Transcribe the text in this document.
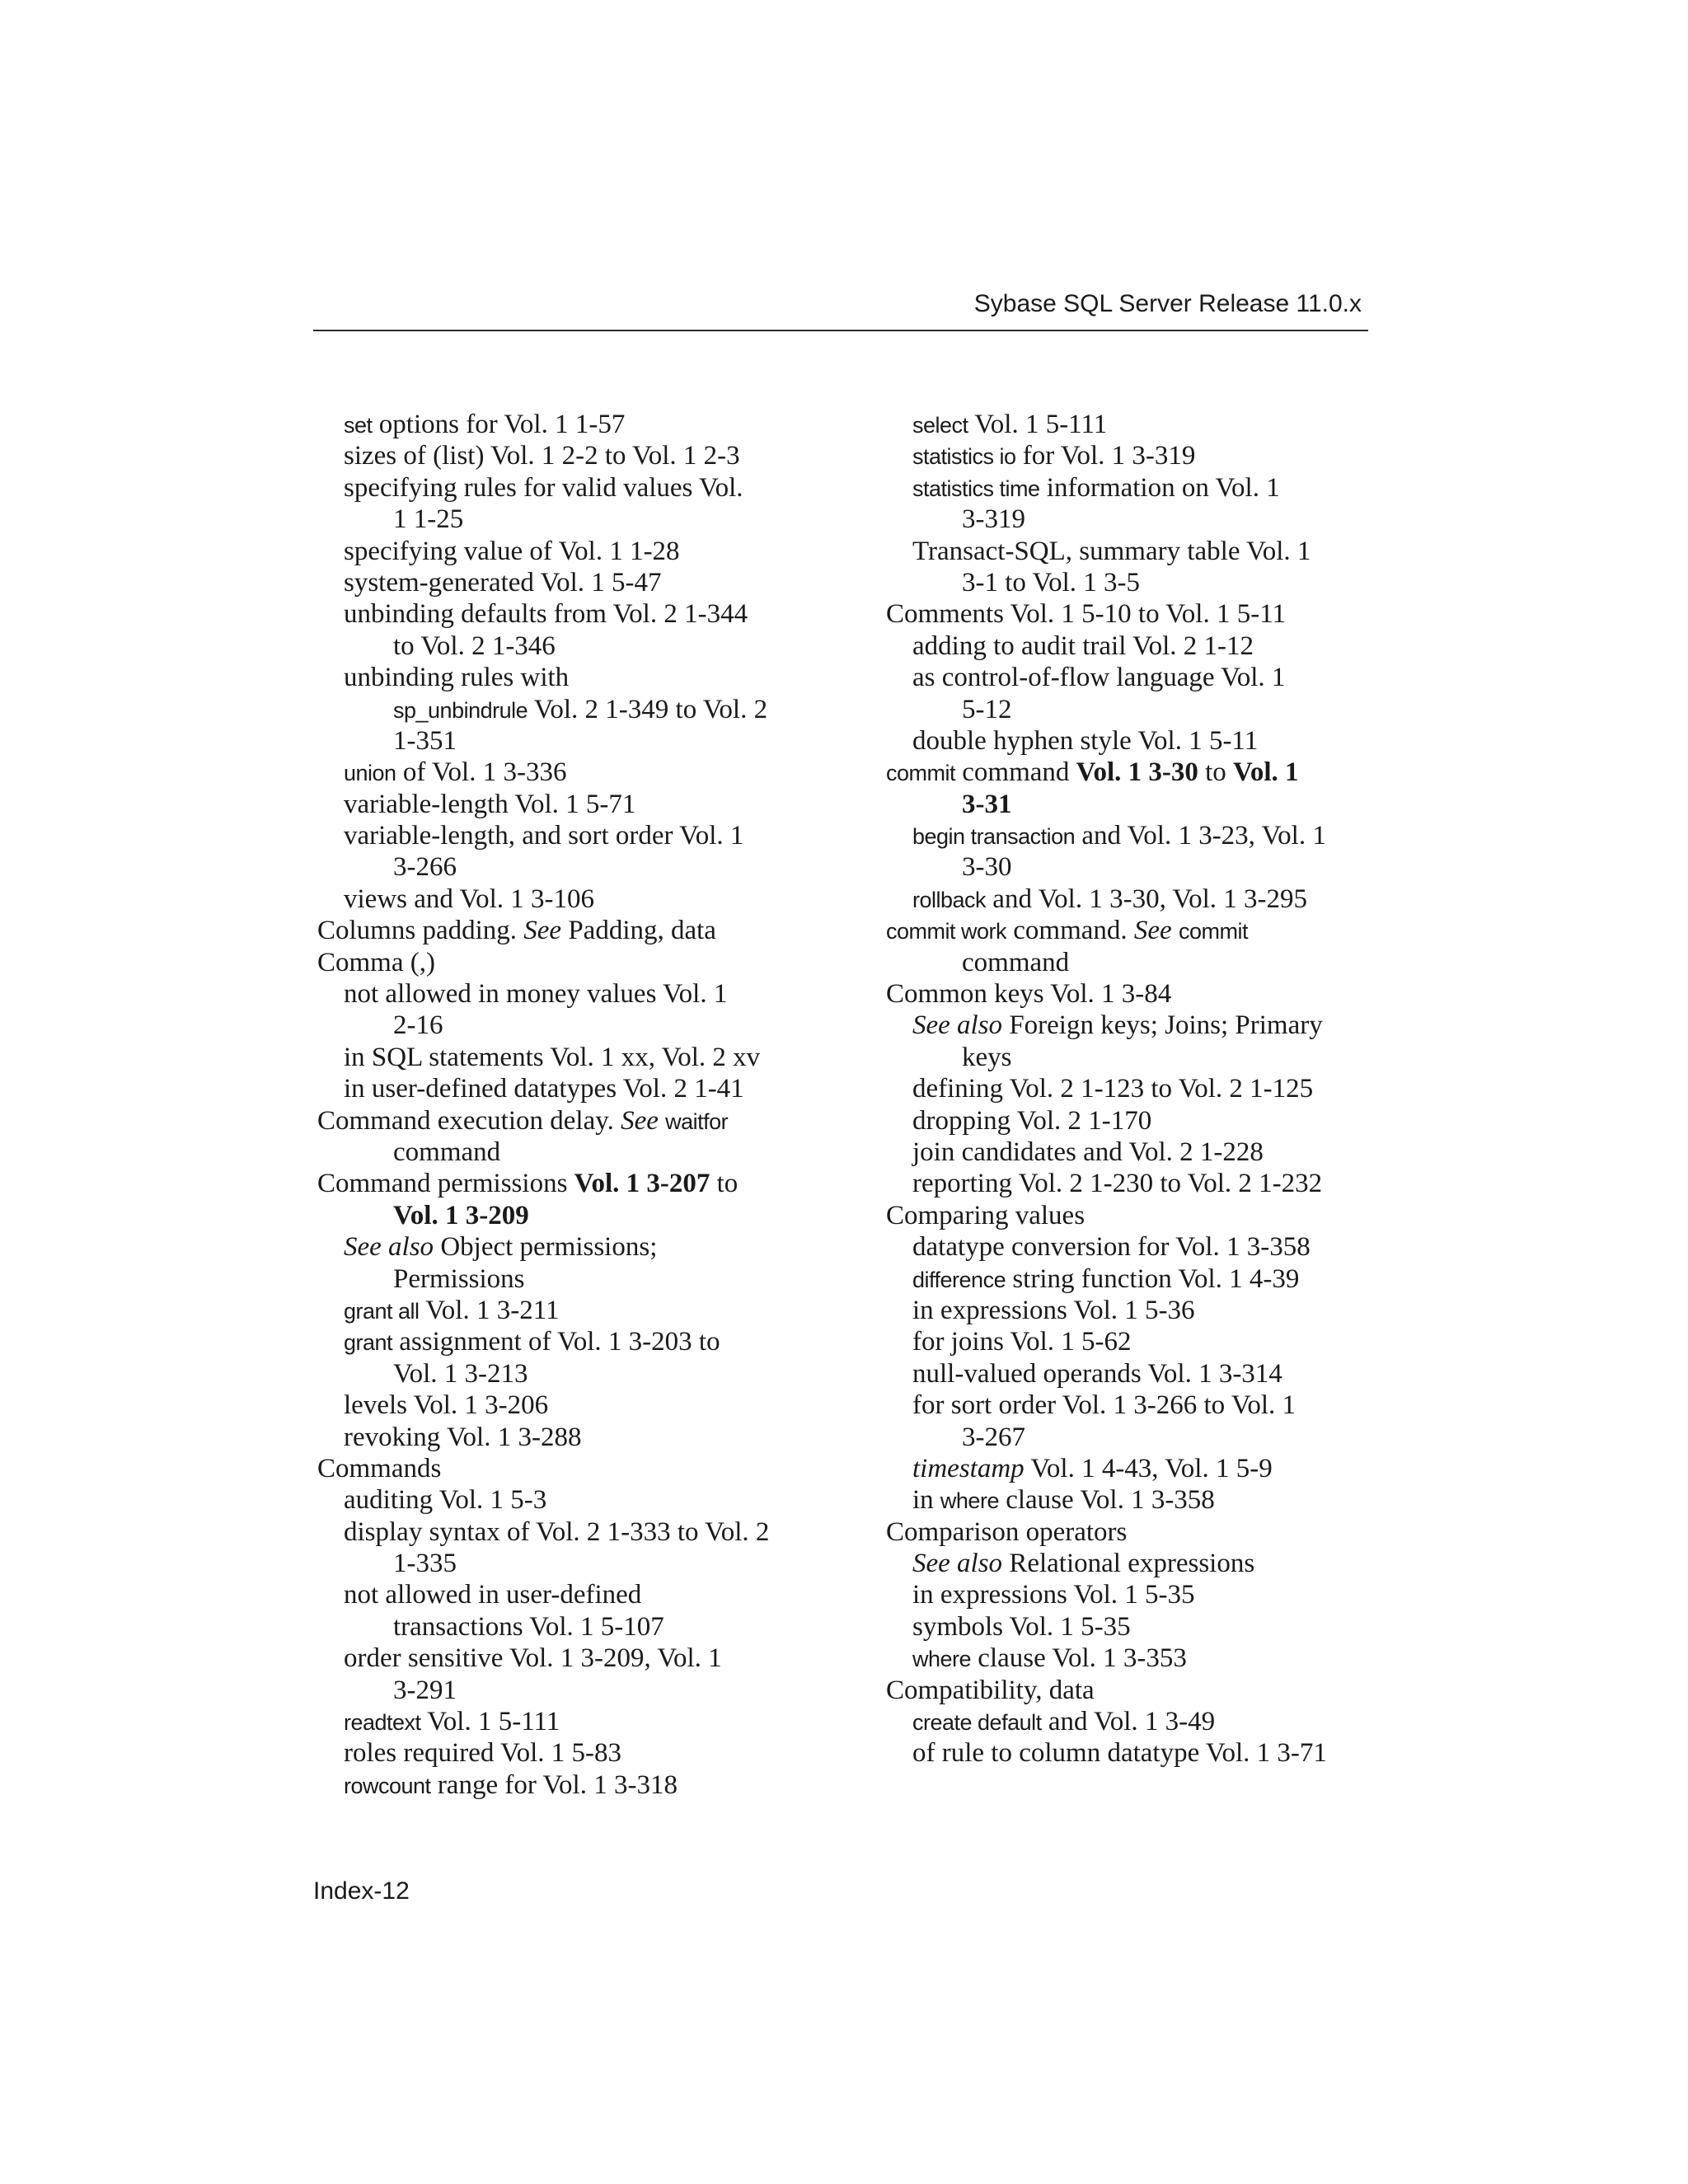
Sybase SQL Server Release 11.0.x
set options for Vol. 1 1-57
sizes of (list) Vol. 1 2-2 to Vol. 1 2-3
specifying rules for valid values Vol.
1 1-25
specifying value of Vol. 1 1-28
system-generated Vol. 1 5-47
unbinding defaults from Vol. 2 1-344
to Vol. 2 1-346
unbinding rules with
sp_unbindrule Vol. 2 1-349 to Vol. 2
1-351
union of Vol. 1 3-336
variable-length Vol. 1 5-71
variable-length, and sort order Vol. 1
3-266
views and Vol. 1 3-106
Columns padding. See Padding, data
Comma (,)
not allowed in money values Vol. 1
2-16
in SQL statements Vol. 1 xx, Vol. 2 xv
in user-defined datatypes Vol. 2 1-41
Command execution delay. See waitfor
command
Command permissions Vol. 1 3-207 to
Vol. 1 3-209
See also Object permissions;
Permissions
grant all Vol. 1 3-211
grant assignment of Vol. 1 3-203 to
Vol. 1 3-213
levels Vol. 1 3-206
revoking Vol. 1 3-288
Commands
auditing Vol. 1 5-3
display syntax of Vol. 2 1-333 to Vol. 2
1-335
not allowed in user-defined
transactions Vol. 1 5-107
order sensitive Vol. 1 3-209, Vol. 1
3-291
readtext Vol. 1 5-111
roles required Vol. 1 5-83
rowcount range for Vol. 1 3-318
select Vol. 1 5-111
statistics io for Vol. 1 3-319
statistics time information on Vol. 1
3-319
Transact-SQL, summary table Vol. 1
3-1 to Vol. 1 3-5
Comments Vol. 1 5-10 to Vol. 1 5-11
adding to audit trail Vol. 2 1-12
as control-of-flow language Vol. 1
5-12
double hyphen style Vol. 1 5-11
commit command Vol. 1 3-30 to Vol. 1
3-31
begin transaction and Vol. 1 3-23, Vol. 1
3-30
rollback and Vol. 1 3-30, Vol. 1 3-295
commit work command. See commit
command
Common keys Vol. 1 3-84
See also Foreign keys; Joins; Primary
keys
defining Vol. 2 1-123 to Vol. 2 1-125
dropping Vol. 2 1-170
join candidates and Vol. 2 1-228
reporting Vol. 2 1-230 to Vol. 2 1-232
Comparing values
datatype conversion for Vol. 1 3-358
difference string function Vol. 1 4-39
in expressions Vol. 1 5-36
for joins Vol. 1 5-62
null-valued operands Vol. 1 3-314
for sort order Vol. 1 3-266 to Vol. 1
3-267
timestamp Vol. 1 4-43, Vol. 1 5-9
in where clause Vol. 1 3-358
Comparison operators
See also Relational expressions
in expressions Vol. 1 5-35
symbols Vol. 1 5-35
where clause Vol. 1 3-353
Compatibility, data
create default and Vol. 1 3-49
of rule to column datatype Vol. 1 3-71
Index-12
